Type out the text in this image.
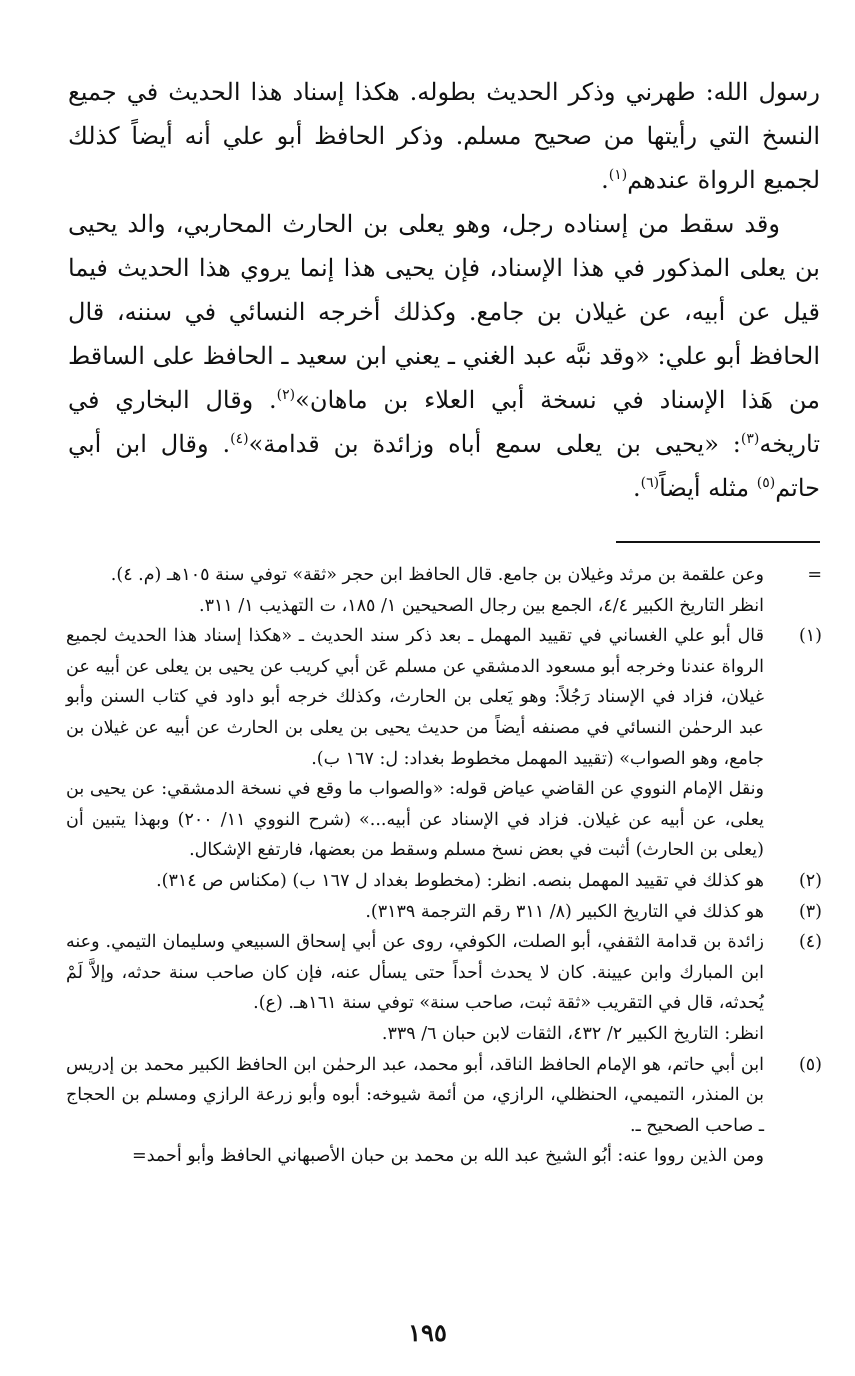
رسول الله: طهرني وذكر الحديث بطوله. هكذا إسناد هذا الحديث في جميع النسخ التي رأيتها من صحيح مسلم. وذكر الحافظ أبو علي أنه أيضاً كذلك لجميع الرواة عندهم$^{(١)}$.

وقد سقط من إسناده رجل، وهو يعلى بن الحارث المحاربي، والد يحيى بن يعلى المذكور في هذا الإسناد، فإن يحيى هذا إنما يروي هذا الحديث فيما قيل عن أبيه، عن غيلان بن جامع. وكذلك أخرجه النسائي في سننه، قال الحافظ أبو علي: «وقد نبَّه عبد الغني ـ يعني ابن سعيد ـ الحافظ على الساقط من هَذا الإسناد في نسخة أبي العلاء بن ماهان»$^{(٢)}$. وقال البخاري في تاريخه$^{(٣)}$: «يحيى بن يعلى سمع أباه وزائدة بن قدامة»$^{(٤)}$. وقال ابن أبي حاتم$^{(٥)}$ مثله أيضاً$^{(٦)}$.

=
وعن علقمة بن مرثد وغيلان بن جامع. قال الحافظ ابن حجر «ثقة» توفي سنة ١٠٥هـ (م. ٤).
انظر التاريخ الكبير ٤/٤، الجمع بين رجال الصحيحين ١/ ١٨٥، ت التهذيب ١/ ٣١١.
(١)
قال أبو علي الغساني في تقييد المهمل ـ بعد ذكر سند الحديث ـ «هكذا إسناد هذا الحديث لجميع الرواة عندنا وخرجه أبو مسعود الدمشقي عن مسلم عَن أبي كريب عن يحيى بن يعلى عن أبيه عن غيلان، فزاد في الإسناد رَجُلاً: وهو يَعلى بن الحارث، وكذلك خرجه أبو داود في كتاب السنن وأبو عبد الرحمٰن النسائي في مصنفه أيضاً من حديث يحيى بن يعلى بن الحارث عن أبيه عن غيلان بن جامع، وهو الصواب» (تقييد المهمل مخطوط بغداد: ل: ١٦٧ ب).
ونقل الإمام النووي عن القاضي عياض قوله: «والصواب ما وقع في نسخة الدمشقي: عن يحيى بن يعلى، عن أبيه عن غيلان. فزاد في الإسناد عن أبيه...» (شرح النووي ١١/ ٢٠٠) وبهذا يتبين أن (يعلى بن الحارث) أثبت في بعض نسخ مسلم وسقط من بعضها، فارتفع الإشكال.
(٢)
هو كذلك في تقييد المهمل بنصه. انظر: (مخطوط بغداد ل ١٦٧ ب) (مكناس ص ٣١٤).
(٣)
هو كذلك في التاريخ الكبير (٨/ ٣١١ رقم الترجمة ٣١٣٩).
(٤)
زائدة بن قدامة الثقفي، أبو الصلت، الكوفي، روى عن أبي إسحاق السبيعي وسليمان التيمي. وعنه ابن المبارك وابن عيينة. كان لا يحدث أحداً حتى يسأل عنه، فإن كان صاحب سنة حدثه، وإلاَّ لَمْ يُحدثه، قال في التقريب «ثقة ثبت، صاحب سنة» توفي سنة ١٦١هـ. (ع).
انظر: التاريخ الكبير ٢/ ٤٣٢، الثقات لابن حبان ٦/ ٣٣٩.
(٥)
ابن أبي حاتم، هو الإمام الحافظ الناقد، أبو محمد، عبد الرحمٰن ابن الحافظ الكبير محمد بن إدريس بن المنذر، التميمي، الحنظلي، الرازي، من أئمة شيوخه: أبوه وأبو زرعة الرازي ومسلم بن الحجاج ـ صاحب الصحيح ـ.
ومن الذين رووا عنه: أبُو الشيخ عبد الله بن محمد بن حبان الأصبهاني الحافظ وأبو أحمد=
١٩٥
